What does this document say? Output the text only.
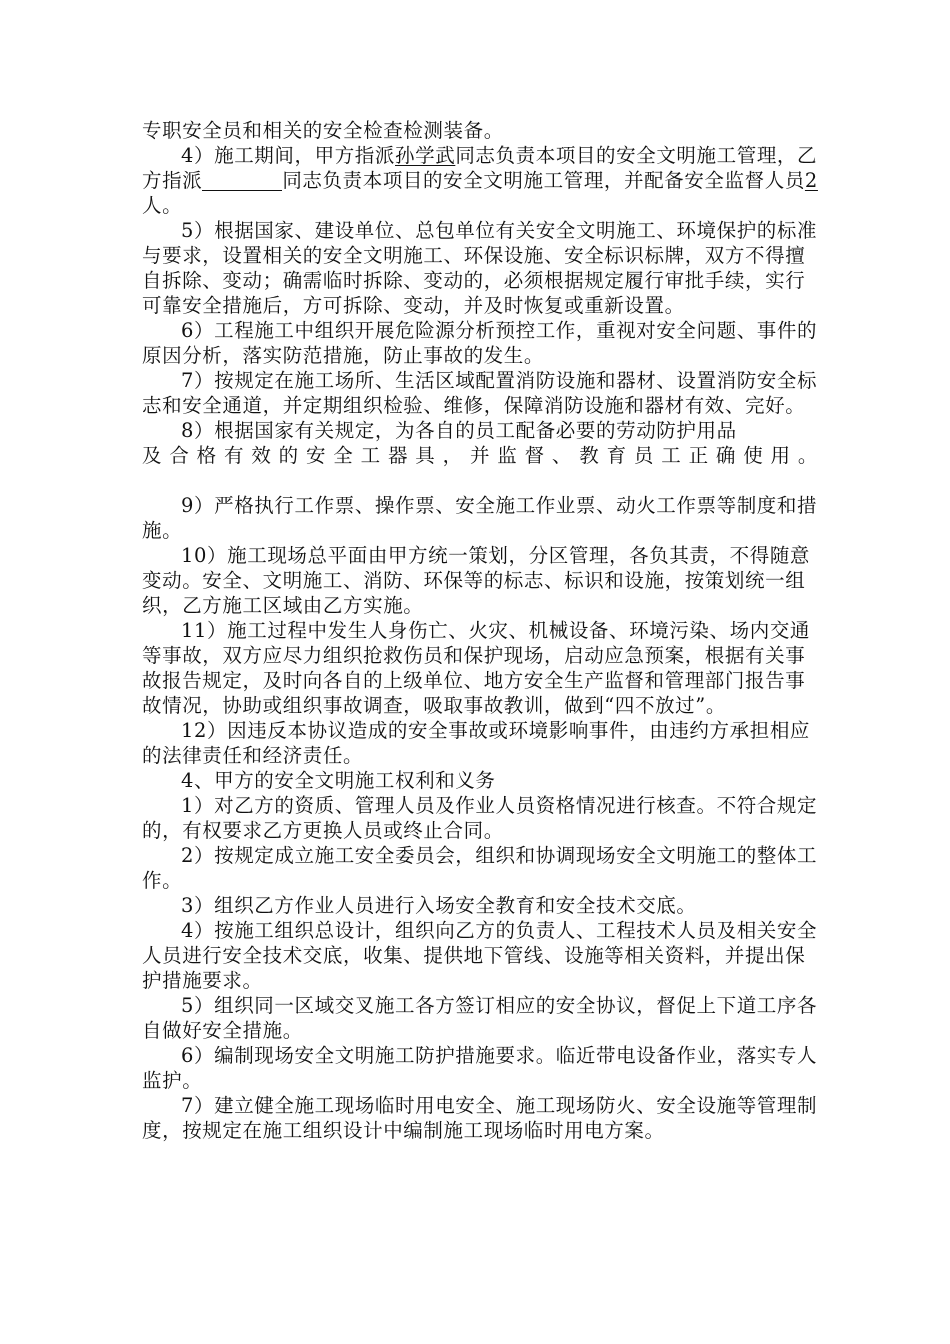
专职安全员和相关的安全检查检测装备。

4）施工期间，甲方指派孙学武同志负责本项目的安全文明施工管理，乙方指派	同志负责本项目的安全文明施工管理，并配备安全监督人员2人。

5）根据国家、建设单位、总包单位有关安全文明施工、环境保护的标准与要求，设置相关的安全文明施工、环保设施、安全标识标牌，双方不得擅自拆除、变动；确需临时拆除、变动的，必须根据规定履行审批手续，实行可靠安全措施后，方可拆除、变动，并及时恢复或重新设置。

6）工程施工中组织开展危险源分析预控工作，重视对安全问题、事件的原因分析，落实防范措施，防止事故的发生。

7）按规定在施工场所、生活区域配置消防设施和器材、设置消防安全标志和安全通道，并定期组织检验、维修，保障消防设施和器材有效、完好。

8）根据国家有关规定，为各自的员工配备必要的劳动防护用品

及合格有效的安全工器具，并监督、教育员工正确使用。

9）严格执行工作票、操作票、安全施工作业票、动火工作票等制度和措施。

10）施工现场总平面由甲方统一策划，分区管理，各负其责，不得随意变动。安全、文明施工、消防、环保等的标志、标识和设施，按策划统一组织，乙方施工区域由乙方实施。

11）施工过程中发生人身伤亡、火灾、机械设备、环境污染、场内交通等事故，双方应尽力组织抢救伤员和保护现场，启动应急预案，根据有关事故报告规定，及时向各自的上级单位、地方安全生产监督和管理部门报告事故情况，协助或组织事故调查，吸取事故教训，做到“四不放过”。

12）因违反本协议造成的安全事故或环境影响事件，由违约方承担相应的法律责任和经济责任。

4、甲方的安全文明施工权利和义务

1）对乙方的资质、管理人员及作业人员资格情况进行核查。不符合规定的，有权要求乙方更换人员或终止合同。

2）按规定成立施工安全委员会，组织和协调现场安全文明施工的整体工作。

3）组织乙方作业人员进行入场安全教育和安全技术交底。

4）按施工组织总设计，组织向乙方的负责人、工程技术人员及相关安全人员进行安全技术交底，收集、提供地下管线、设施等相关资料，并提出保护措施要求。

5）组织同一区域交叉施工各方签订相应的安全协议，督促上下道工序各自做好安全措施。

6）编制现场安全文明施工防护措施要求。临近带电设备作业，落实专人监护。

7）建立健全施工现场临时用电安全、施工现场防火、安全设施等管理制度，按规定在施工组织设计中编制施工现场临时用电方案。
